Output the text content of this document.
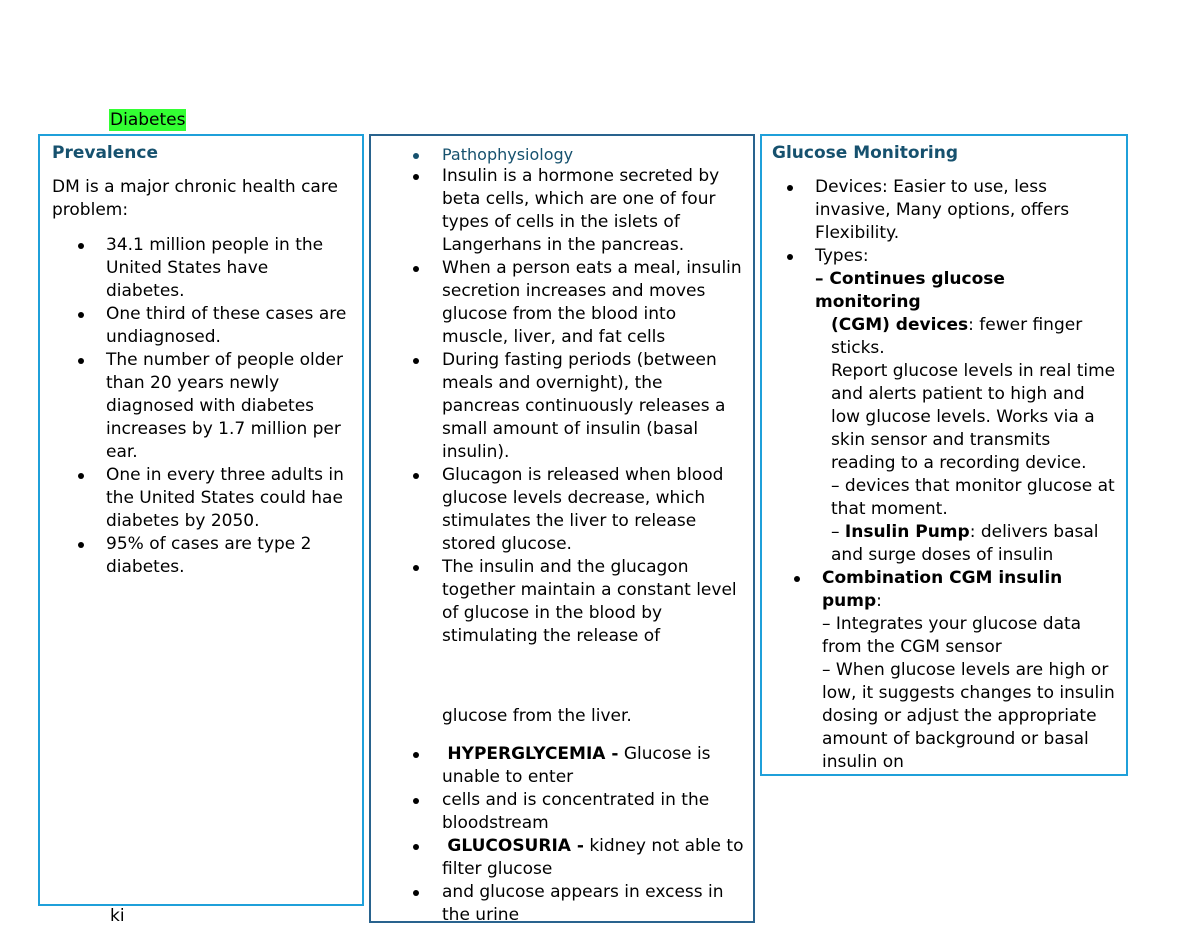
Diabetes

Prevalence

DM is a major chronic health care problem:

34.1 million people in the United States have diabetes.
One third of these cases are undiagnosed.
The number of people older than 20 years newly diagnosed with diabetes increases by 1.7 million per ear.
One in every three adults in the United States could hae diabetes by 2050.
95% of cases are type 2 diabetes.
Pathophysiology
Insulin is a hormone secreted by beta cells, which are one of four types of cells in the islets of Langerhans in the pancreas.
When a person eats a meal, insulin secretion increases and moves glucose from the blood into muscle, liver, and fat cells
During fasting periods (between meals and overnight), the pancreas continuously releases a small amount of insulin (basal insulin).
Glucagon is released when blood glucose levels decrease, which stimulates the liver to release stored glucose.
The insulin and the glucagon together maintain a constant level of glucose in the blood by stimulating the release of

glucose from the liver.

HYPERGLYCEMIA - Glucose is unable to enter
cells and is concentrated in the bloodstream
GLUCOSURIA - kidney not able to filter glucose
and glucose appears in excess in the urine

Glucose Monitoring

Devices: Easier to use, less invasive, Many options, offers Flexibility.
Types:
– Continues glucose monitoring
(CGM) devices: fewer finger sticks.
Report glucose levels in real time and alerts patient to high and low glucose levels. Works via a skin sensor and transmits reading to a recording device.
– devices that monitor glucose at that moment.
– Insulin Pump: delivers basal and surge doses of insulin
Combination CGM insulin pump:
– Integrates your glucose data from the CGM sensor
– When glucose levels are high or low, it suggests changes to insulin dosing or adjust the appropriate amount of background or basal insulin on
ki
